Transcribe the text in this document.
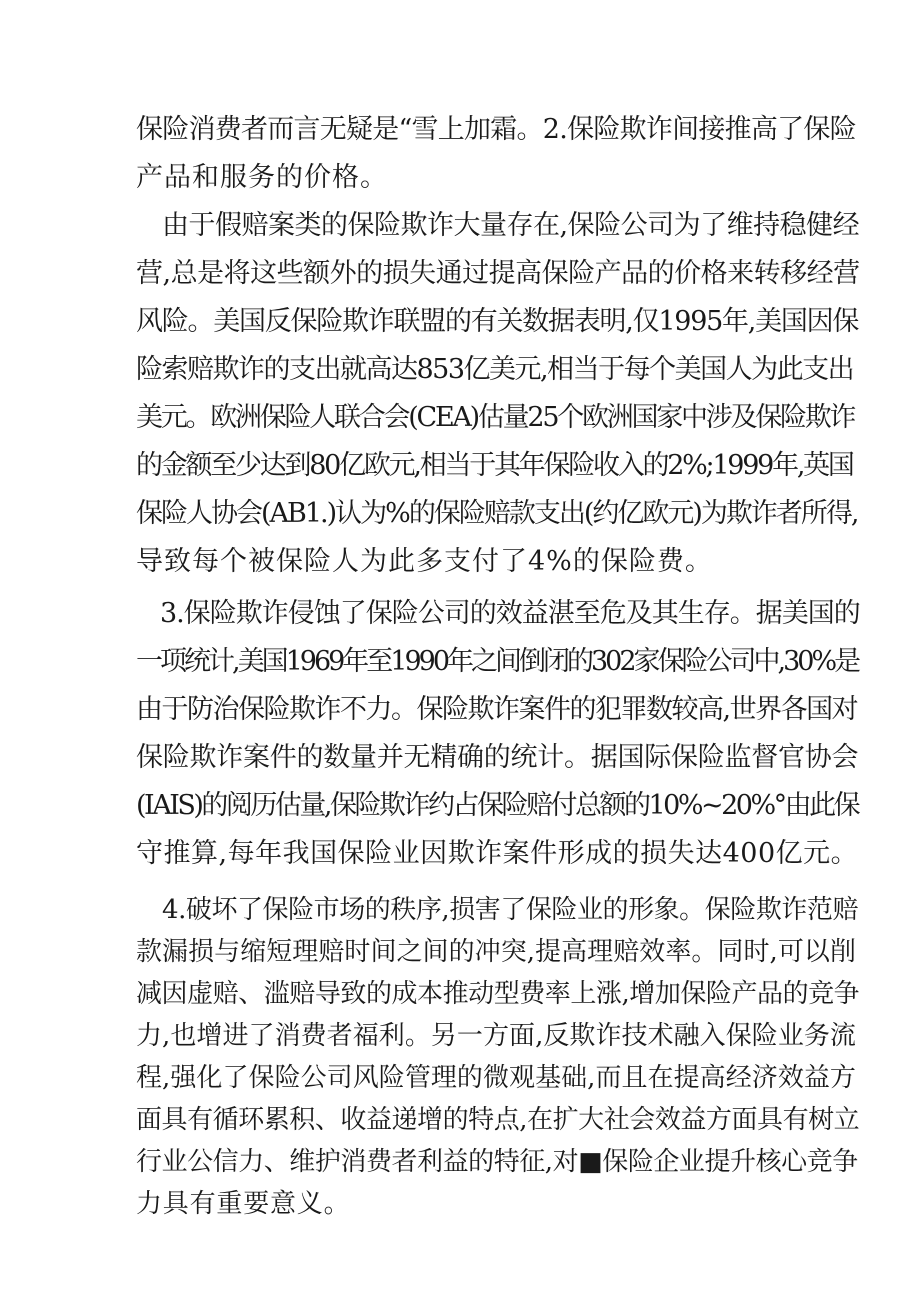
保险消费者而言无疑是“雪上加霜。2.保险欺诈间接推高了保险
产品和服务的价格。
由于假赔案类的保险欺诈大量存在,保险公司为了维持稳健经
营,总是将这些额外的损失通过提高保险产品的价格来转移经营
风险。美国反保险欺诈联盟的有关数据表明,仅1995年,美国因保
险索赔欺诈的支出就高达853亿美元,相当于每个美国人为此支出
美元。欧洲保险人联合会(CEA)估量25个欧洲国家中涉及保险欺诈
的金额至少达到80亿欧元,相当于其年保险收入的2%;1999年,英国
保险人协会(AB1.)认为%的保险赔款支出(约亿欧元)为欺诈者所得,
导致每个被保险人为此多支付了4%的保险费。
3.保险欺诈侵蚀了保险公司的效益湛至危及其生存。据美国的
一项统计,美国1969年至1990年之间倒闭的302家保险公司中,30%是
由于防治保险欺诈不力。保险欺诈案件的犯罪数较高,世界各国对
保险欺诈案件的数量并无精确的统计。据国际保险监督官协会
(IAIS)的阅历估量,保险欺诈约占保险赔付总额的10%~20%°由此保
守推算,每年我国保险业因欺诈案件形成的损失达400亿元。
4.破坏了保险市场的秩序,损害了保险业的形象。保险欺诈范赔
款漏损与缩短理赔时间之间的冲突,提高理赔效率。同时,可以削
减因虚赔、滥赔导致的成本推动型费率上涨,增加保险产品的竞争
力,也增进了消费者福利。另一方面,反欺诈技术融入保险业务流
程,强化了保险公司风险管理的微观基础,而且在提高经济效益方
面具有循环累积、收益递增的特点,在扩大社会效益方面具有树立
行业公信力、维护消费者利益的特征,对■保险企业提升核心竞争
力具有重要意义。
